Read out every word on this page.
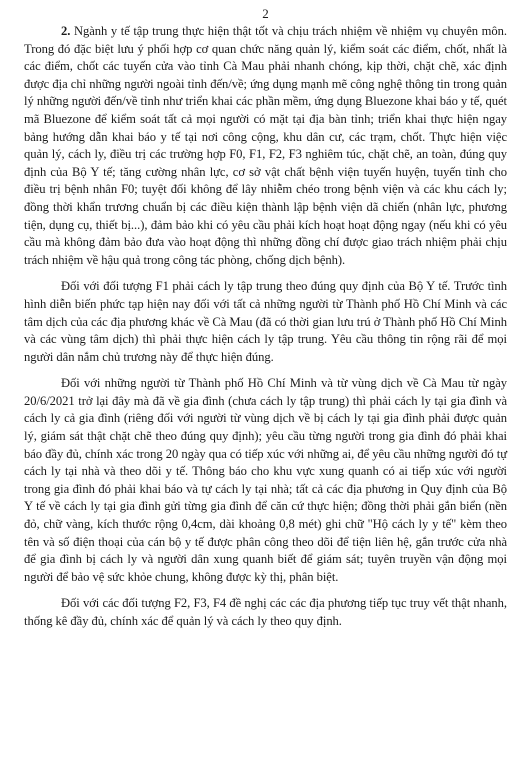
2

2. Ngành y tế tập trung thực hiện thật tốt và chịu trách nhiệm về nhiệm vụ chuyên môn. Trong đó đặc biệt lưu ý phối hợp cơ quan chức năng quản lý, kiểm soát các điểm, chốt, nhất là các điểm, chốt các tuyến cửa vào tỉnh Cà Mau phải nhanh chóng, kịp thời, chặt chẽ, xác định được địa chỉ những người ngoài tỉnh đến/về; ứng dụng mạnh mẽ công nghệ thông tin trong quản lý những người đến/về tỉnh như triển khai các phần mềm, ứng dụng Bluezone khai báo y tế, quét mã Bluezone để kiểm soát tất cả mọi người có mặt tại địa bàn tỉnh; triển khai thực hiện ngay bảng hướng dẫn khai báo y tế tại nơi công cộng, khu dân cư, các trạm, chốt. Thực hiện việc quản lý, cách ly, điều trị các trường hợp F0, F1, F2, F3 nghiêm túc, chặt chẽ, an toàn, đúng quy định của Bộ Y tế; tăng cường nhân lực, cơ sở vật chất bệnh viện tuyến huyện, tuyến tỉnh cho điều trị bệnh nhân F0; tuyệt đối không để lây nhiễm chéo trong bệnh viện và các khu cách ly; đồng thời khẩn trương chuẩn bị các điều kiện thành lập bệnh viện dã chiến (nhân lực, phương tiện, dụng cụ, thiết bị...), đảm bảo khi có yêu cầu phải kích hoạt hoạt động ngay (nếu khi có yêu cầu mà không đảm bảo đưa vào hoạt động thì những đồng chí được giao trách nhiệm phải chịu trách nhiệm về hậu quả trong công tác phòng, chống dịch bệnh).

Đối với đối tượng F1 phải cách ly tập trung theo đúng quy định của Bộ Y tế. Trước tình hình diễn biến phức tạp hiện nay đối với tất cả những người từ Thành phố Hồ Chí Minh và các tâm dịch của các địa phương khác về Cà Mau (đã có thời gian lưu trú ở Thành phố Hồ Chí Minh và các vùng tâm dịch) thì phải thực hiện cách ly tập trung. Yêu cầu thông tin rộng rãi để mọi người dân nắm chủ trương này để thực hiện đúng.

Đối với những người từ Thành phố Hồ Chí Minh và từ vùng dịch về Cà Mau từ ngày 20/6/2021 trở lại đây mà đã về gia đình (chưa cách ly tập trung) thì phải cách ly tại gia đình và cách ly cả gia đình (riêng đối với người từ vùng dịch về bị cách ly tại gia đình phải được quản lý, giám sát thật chặt chẽ theo đúng quy định); yêu cầu từng người trong gia đình đó phải khai báo đầy đủ, chính xác trong 20 ngày qua có tiếp xúc với những ai, để yêu cầu những người đó tự cách ly tại nhà và theo dõi y tế. Thông báo cho khu vực xung quanh có ai tiếp xúc với người trong gia đình đó phải khai báo và tự cách ly tại nhà; tất cả các địa phương in Quy định của Bộ Y tế về cách ly tại gia đình gửi từng gia đình để căn cứ thực hiện; đồng thời phải gắn biển (nền đỏ, chữ vàng, kích thước rộng 0,4cm, dài khoảng 0,8 mét) ghi chữ "Hộ cách ly y tế" kèm theo tên và số điện thoại của cán bộ y tế được phân công theo dõi để tiện liên hệ, gắn trước cửa nhà để gia đình bị cách ly và người dân xung quanh biết để giám sát; tuyên truyền vận động mọi người để bảo vệ sức khỏe chung, không được kỳ thị, phân biệt.

Đối với các đối tượng F2, F3, F4 đề nghị các các địa phương tiếp tục truy vết thật nhanh, thống kê đầy đủ, chính xác để quản lý và cách ly theo quy định.
